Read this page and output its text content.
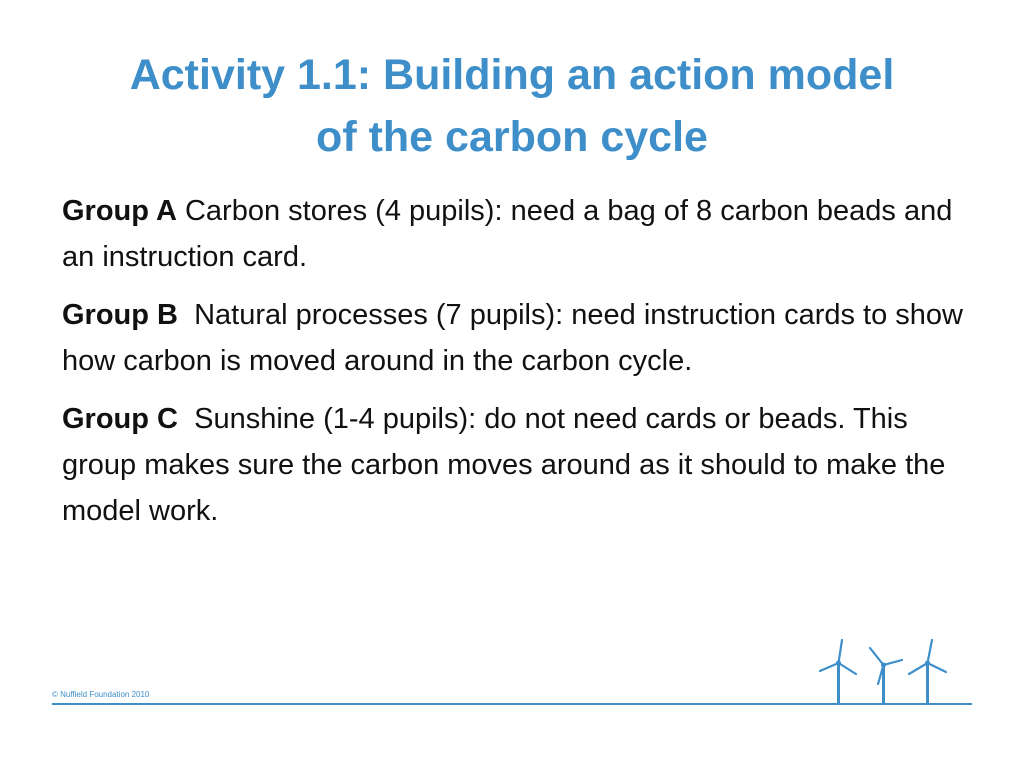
Activity 1.1: Building an action model
of the carbon cycle

Group A Carbon stores (4 pupils): need a bag of 8 carbon beads and an instruction card.

Group B  Natural processes (7 pupils): need instruction cards to show how carbon is moved around in the carbon cycle.

Group C  Sunshine (1-4 pupils): do not need cards or beads. This group makes sure the carbon moves around as it should to make the model work.

© Nuffield Foundation 2010
